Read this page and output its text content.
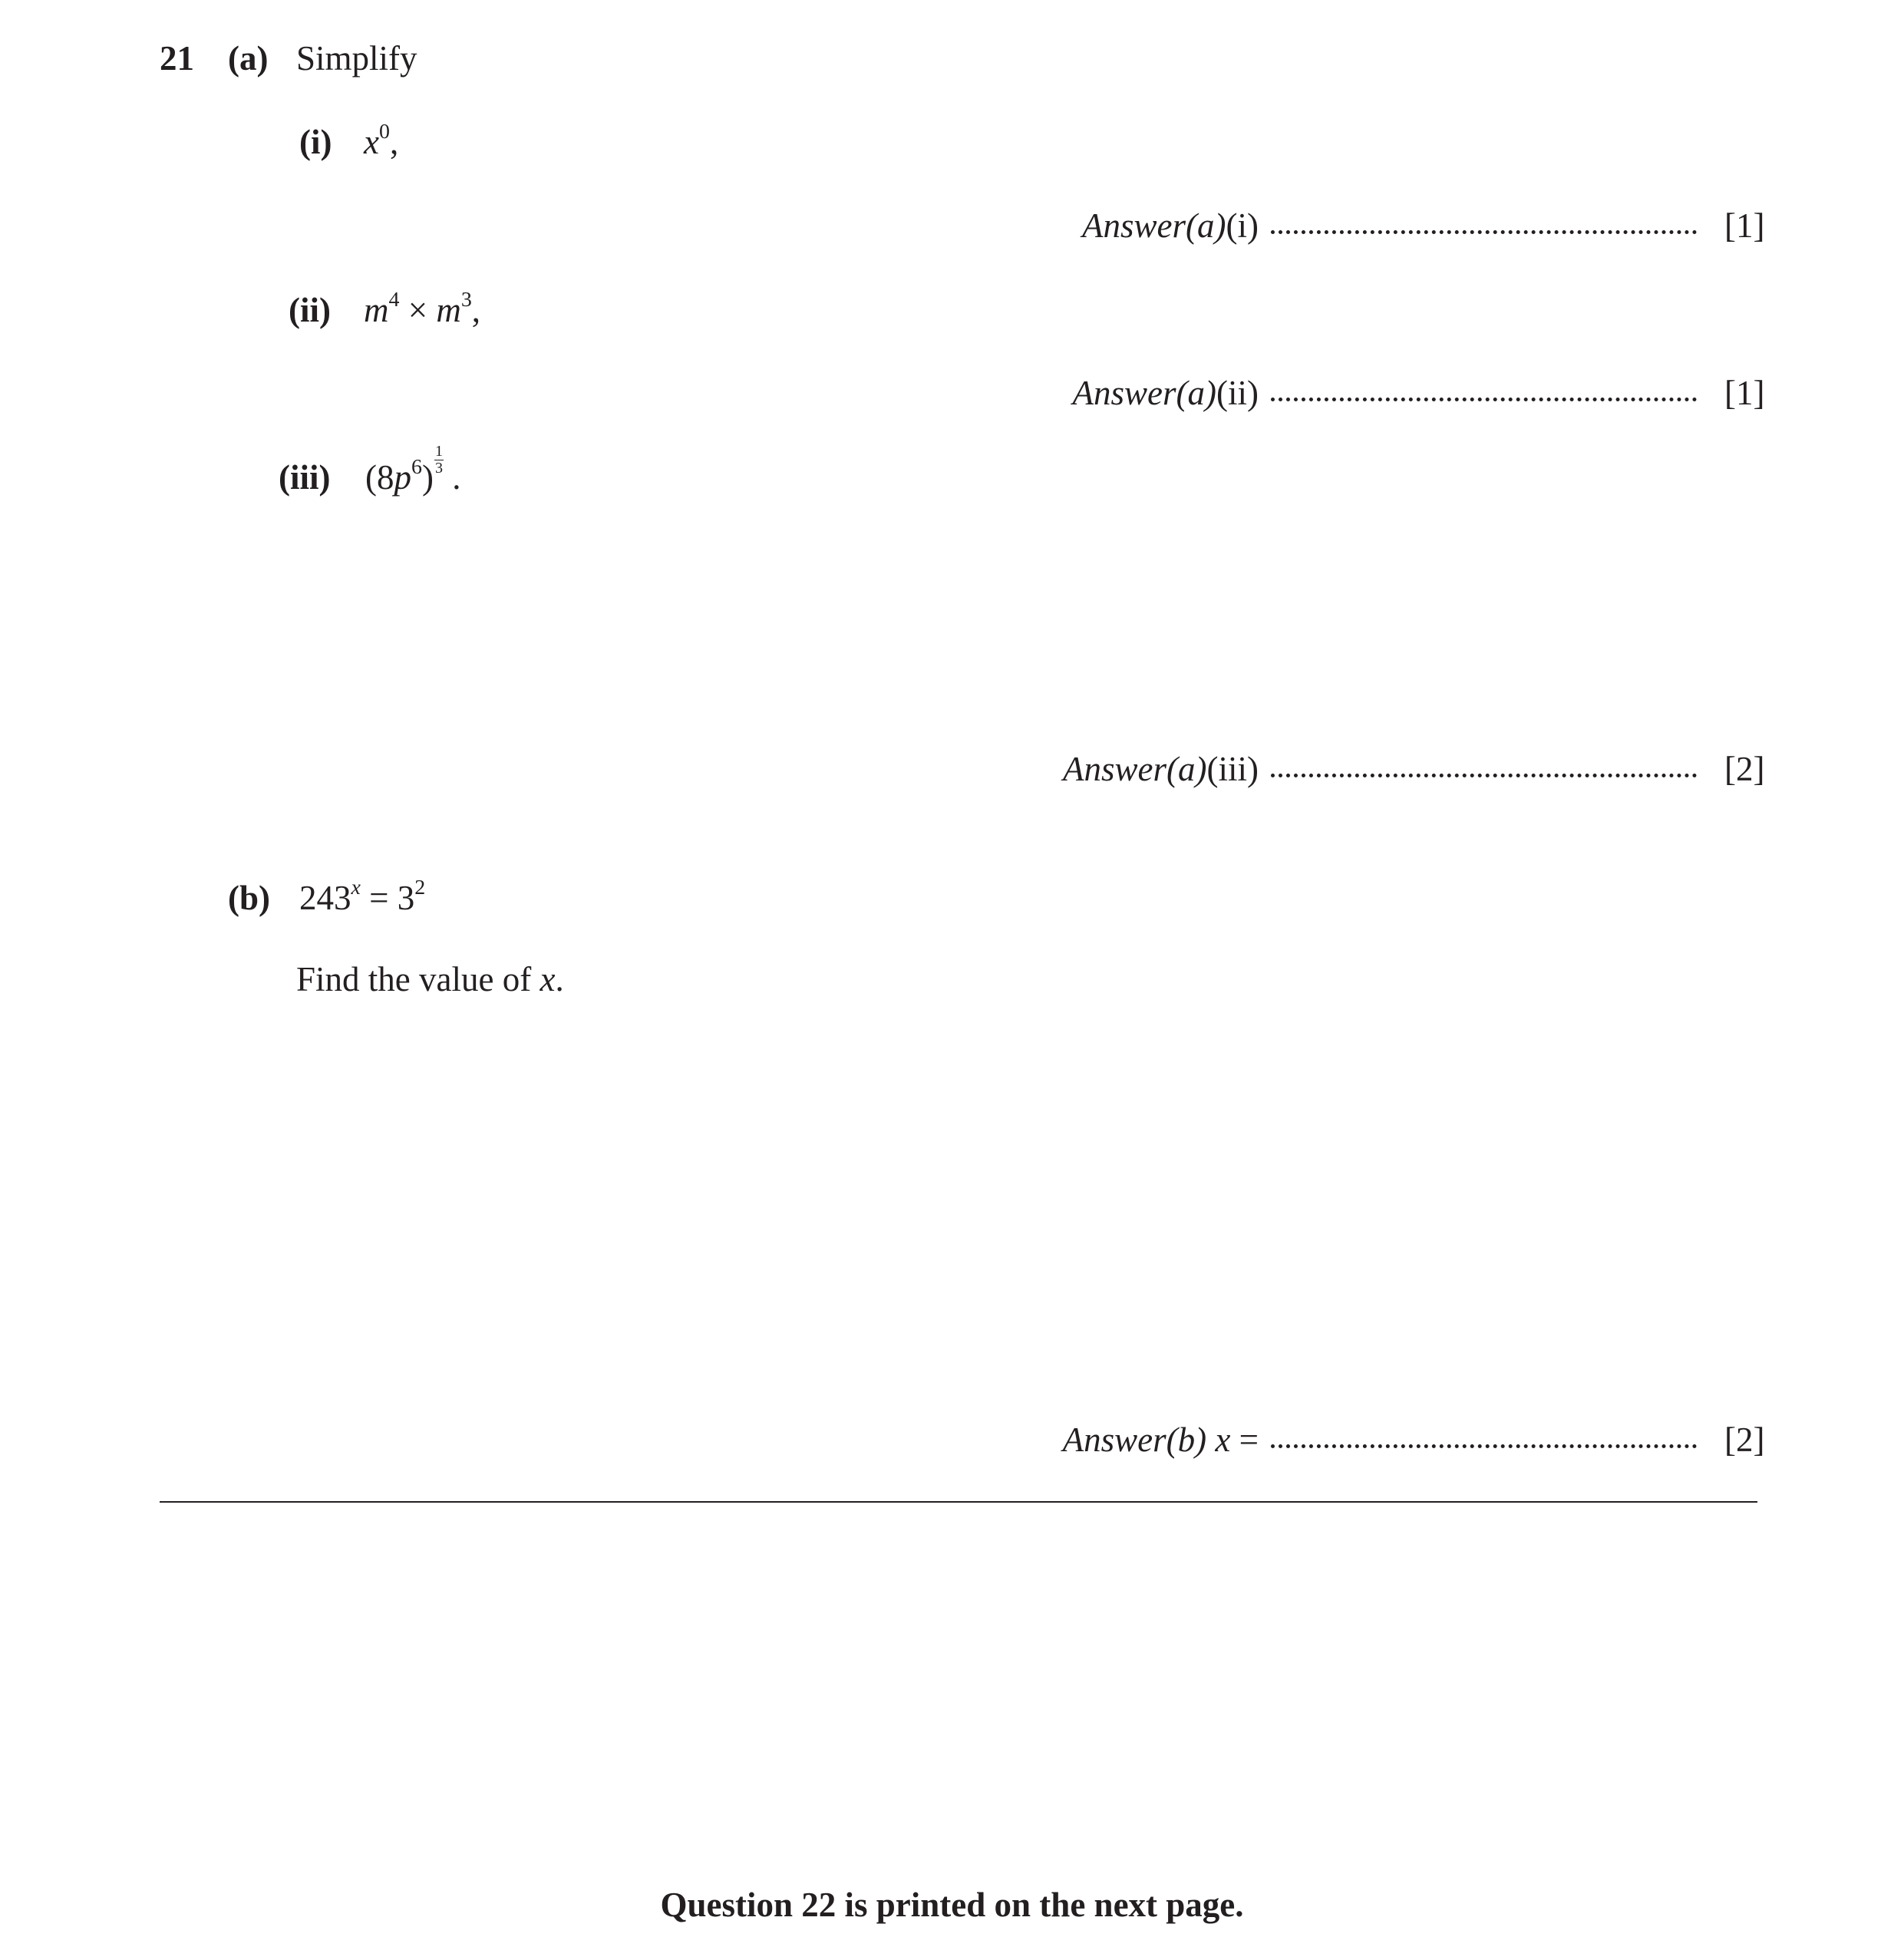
21 (a) Simplify
(i) $x^0$,
Answer(a)(i)	[1]
(ii) $m^4 \times m^3$,
Answer(a)(ii)	[1]
(iii) $(8p^6) \frac{1}{3}$ .
Answer(a)(iii)	[2]
(b) $243^x = 3^2$
Find the value of x.
Answer(b) x =	[2]
Question 22 is printed on the next page.
